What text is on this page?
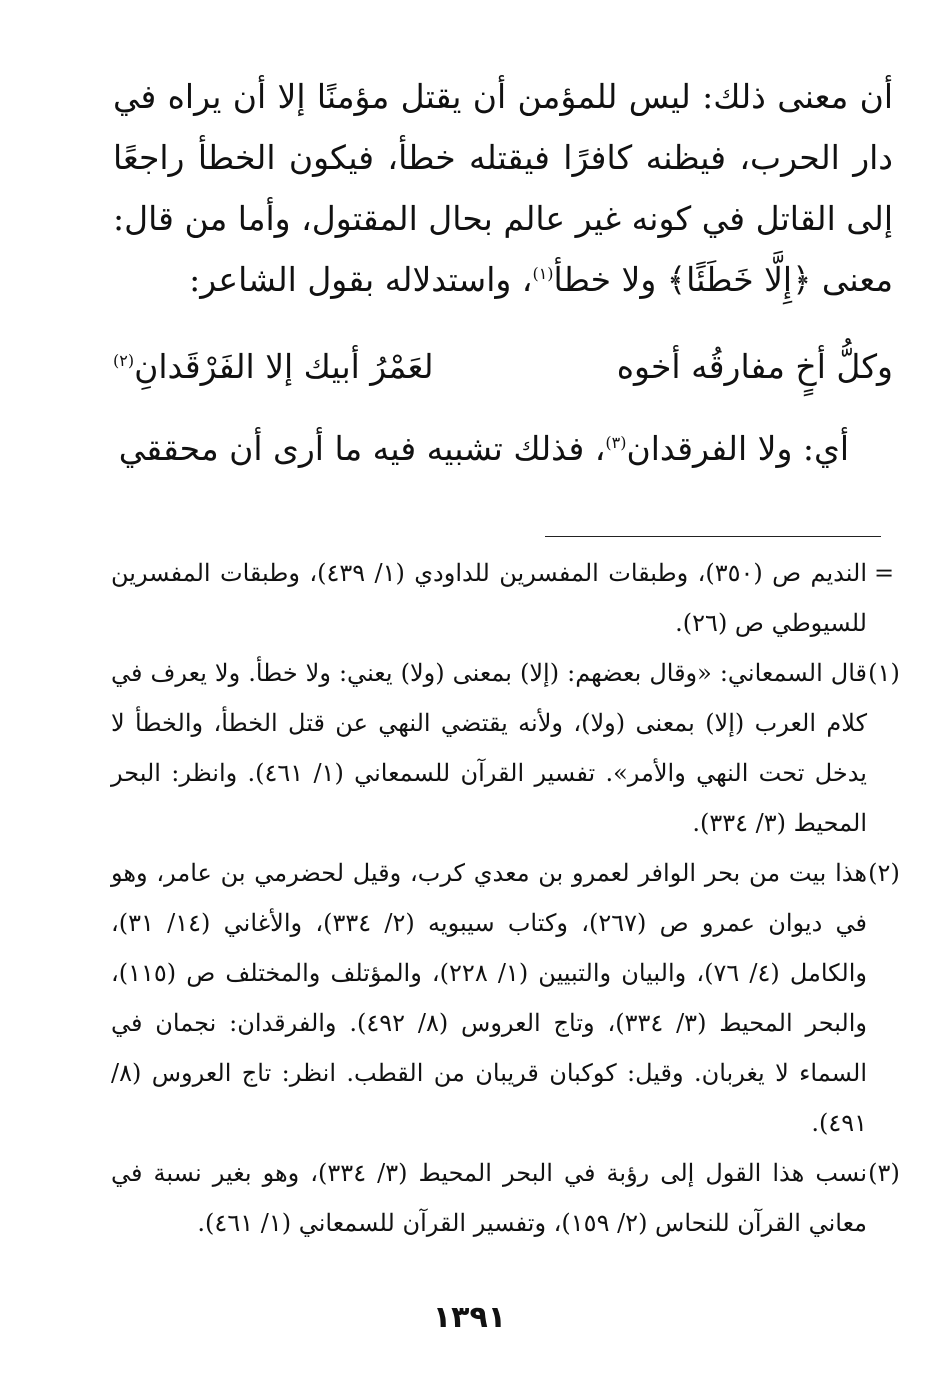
أن معنى ذلك: ليس للمؤمن أن يقتل مؤمنًا إلا أن يراه في دار الحرب، فيظنه كافرًا فيقتله خطأ، فيكون الخطأ راجعًا إلى القاتل في كونه غير عالم بحال المقتول، وأما من قال: معنى ﴿إِلَّا خَطَئًا﴾ ولا خطأ$^{(١)}$، واستدلاله بقول الشاعر:

وكلُّ أخٍ مفارقُه أخوه
لعَمْرُ أبيك إلا الفَرْقَدانِ$^{(٢)}$
أي: ولا الفرقدان$^{(٣)}$، فذلك تشبيه فيه ما أرى أن محققي
=
النديم ص (٣٥٠)، وطبقات المفسرين للداودي (١/ ٤٣٩)، وطبقات المفسرين للسيوطي ص (٢٦).
(١)
قال السمعاني: «وقال بعضهم: (إلا) بمعنى (ولا) يعني: ولا خطأ. ولا يعرف في كلام العرب (إلا) بمعنى (ولا)، ولأنه يقتضي النهي عن قتل الخطأ، والخطأ لا يدخل تحت النهي والأمر». تفسير القرآن للسمعاني (١/ ٤٦١). وانظر: البحر المحيط (٣/ ٣٣٤).
(٢)
هذا بيت من بحر الوافر لعمرو بن معدي كرب، وقيل لحضرمي بن عامر، وهو في ديوان عمرو ص (٢٦٧)، وكتاب سيبويه (٢/ ٣٣٤)، والأغاني (١٤/ ٣١)، والكامل (٤/ ٧٦)، والبيان والتبيين (١/ ٢٢٨)، والمؤتلف والمختلف ص (١١٥)، والبحر المحيط (٣/ ٣٣٤)، وتاج العروس (٨/ ٤٩٢). والفرقدان: نجمان في السماء لا يغربان. وقيل: كوكبان قريبان من القطب. انظر: تاج العروس (٨/ ٤٩١).
(٣)
نسب هذا القول إلى رؤبة في البحر المحيط (٣/ ٣٣٤)، وهو بغير نسبة في معاني القرآن للنحاس (٢/ ١٥٩)، وتفسير القرآن للسمعاني (١/ ٤٦١).
١٣٩١
